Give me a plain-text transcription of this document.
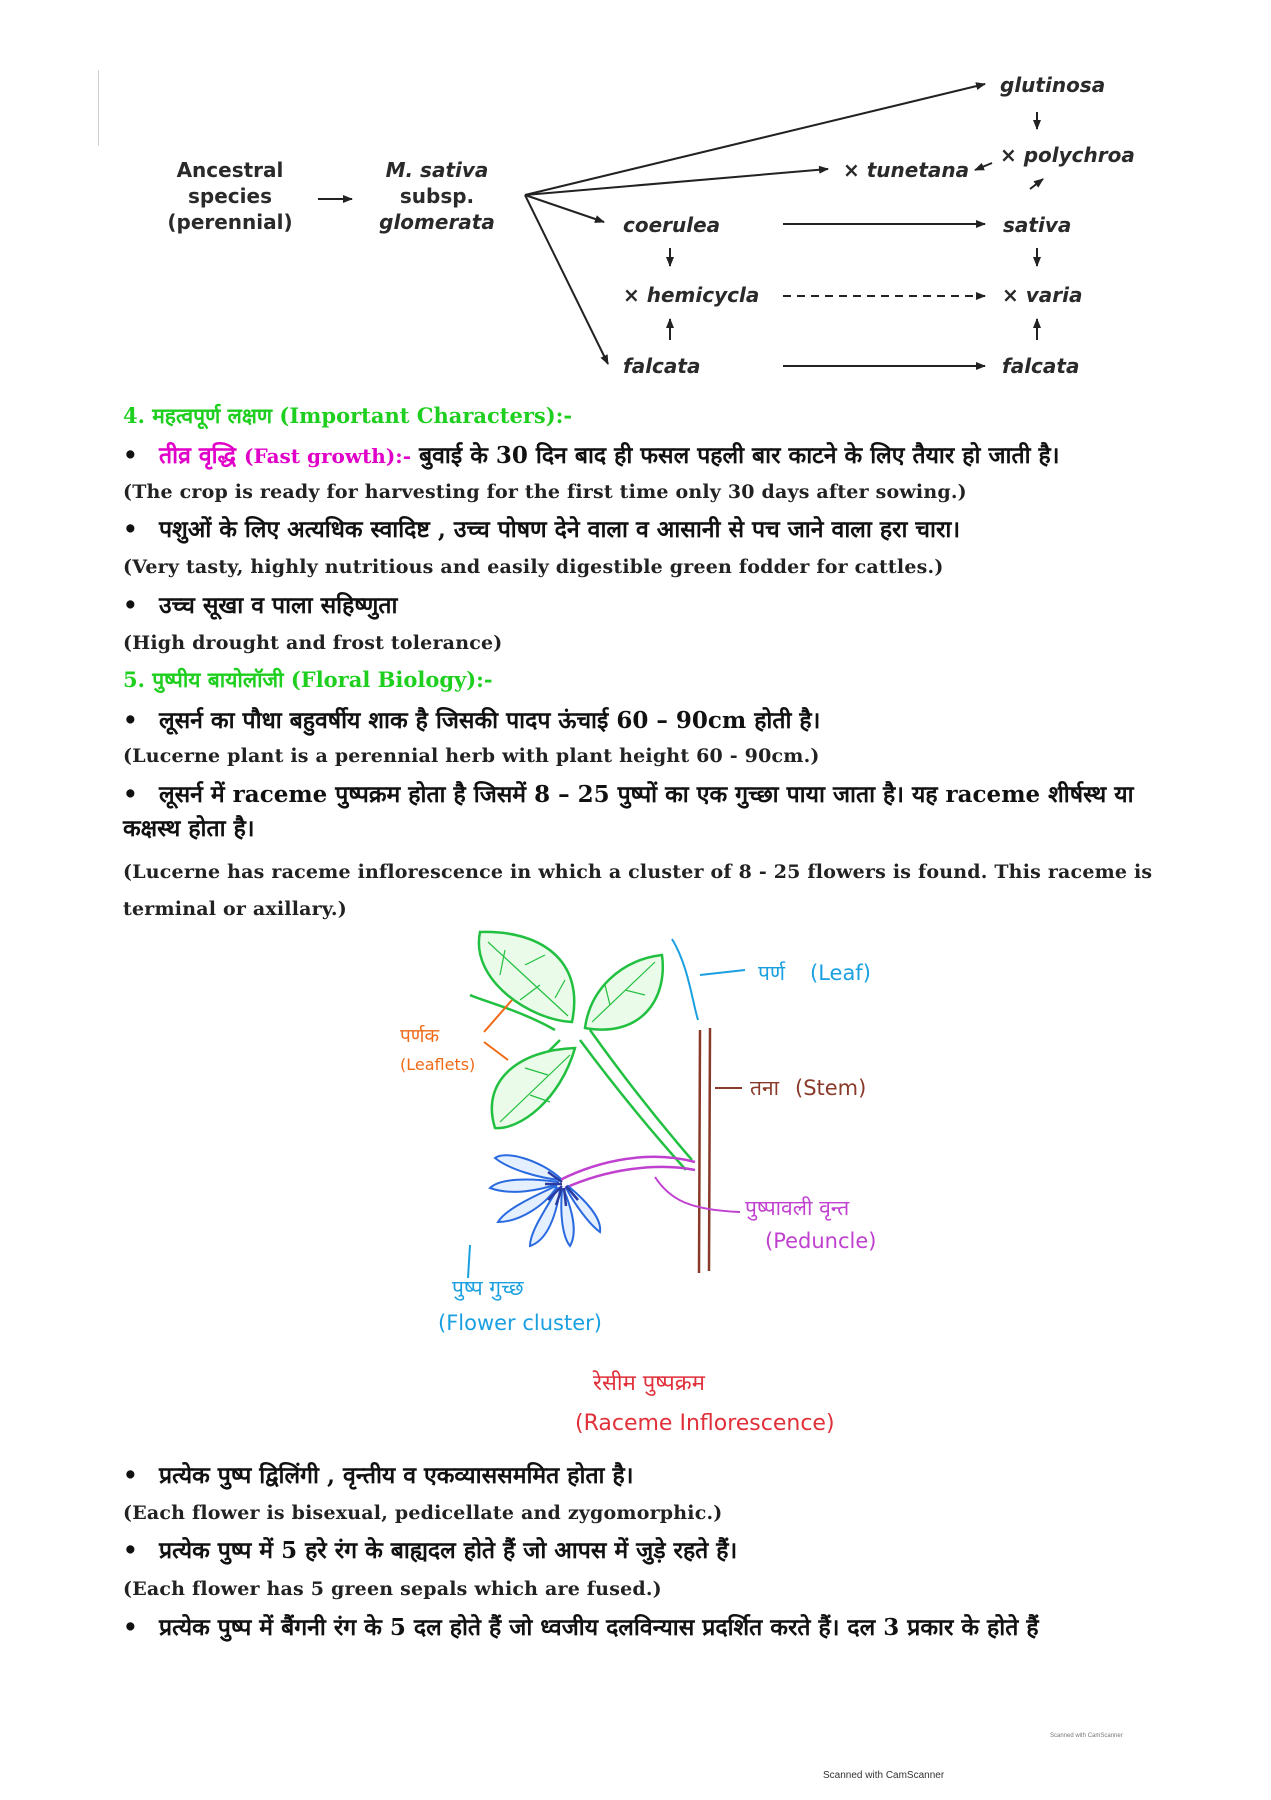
Ancestral
species
(perennial)
M. sativa
subsp.
glomerata
glutinosa
× polychroa
× tunetana
coerulea	sativa
× hemicycla	× varia
falcata	falcata
4. महत्वपूर्ण लक्षण (Important Characters):-
• तीव्र वृद्धि (Fast growth):- बुवाई के 30 दिन बाद ही फसल पहली बार काटने के लिए तैयार हो जाती है।
(The crop is ready for harvesting for the first time only 30 days after sowing.)
• पशुओं के लिए अत्यधिक स्वादिष्ट , उच्च पोषण देने वाला व आसानी से पच जाने वाला हरा चारा।
(Very tasty, highly nutritious and easily digestible green fodder for cattles.)
• उच्च सूखा व पाला सहिष्णुता
(High drought and frost tolerance)
5. पुष्पीय बायोलॉजी (Floral Biology):-
• लूसर्न का पौधा बहुवर्षीय शाक है जिसकी पादप ऊंचाई 60 – 90cm होती है।
(Lucerne plant is a perennial herb with plant height 60 - 90cm.)
• लूसर्न में raceme पुष्पक्रम होता है जिसमें 8 – 25 पुष्पों का एक गुच्छा पाया जाता है। यह raceme शीर्षस्थ या कक्षस्थ होता है।
(Lucerne has raceme inflorescence in which a cluster of 8 - 25 flowers is found. This raceme is terminal or axillary.)
पर्ण (Leaf)
पर्णक
(Leaflets)
तना (Stem)
पुष्पावली वृन्त
(Peduncle)
पुष्प गुच्छ
(Flower cluster)
रेसीम पुष्पक्रम
(Raceme Inflorescence)
• प्रत्येक पुष्प द्विलिंगी , वृन्तीय व एकव्याससममित होता है।
(Each flower is bisexual, pedicellate and zygomorphic.)
• प्रत्येक पुष्प में 5 हरे रंग के बाह्यदल होते हैं जो आपस में जुड़े रहते हैं।
(Each flower has 5 green sepals which are fused.)
• प्रत्येक पुष्प में बैंगनी रंग के 5 दल होते हैं जो ध्वजीय दलविन्यास प्रदर्शित करते हैं। दल 3 प्रकार के होते हैं
Scanned with CamScanner
Scanned with CamScanner
